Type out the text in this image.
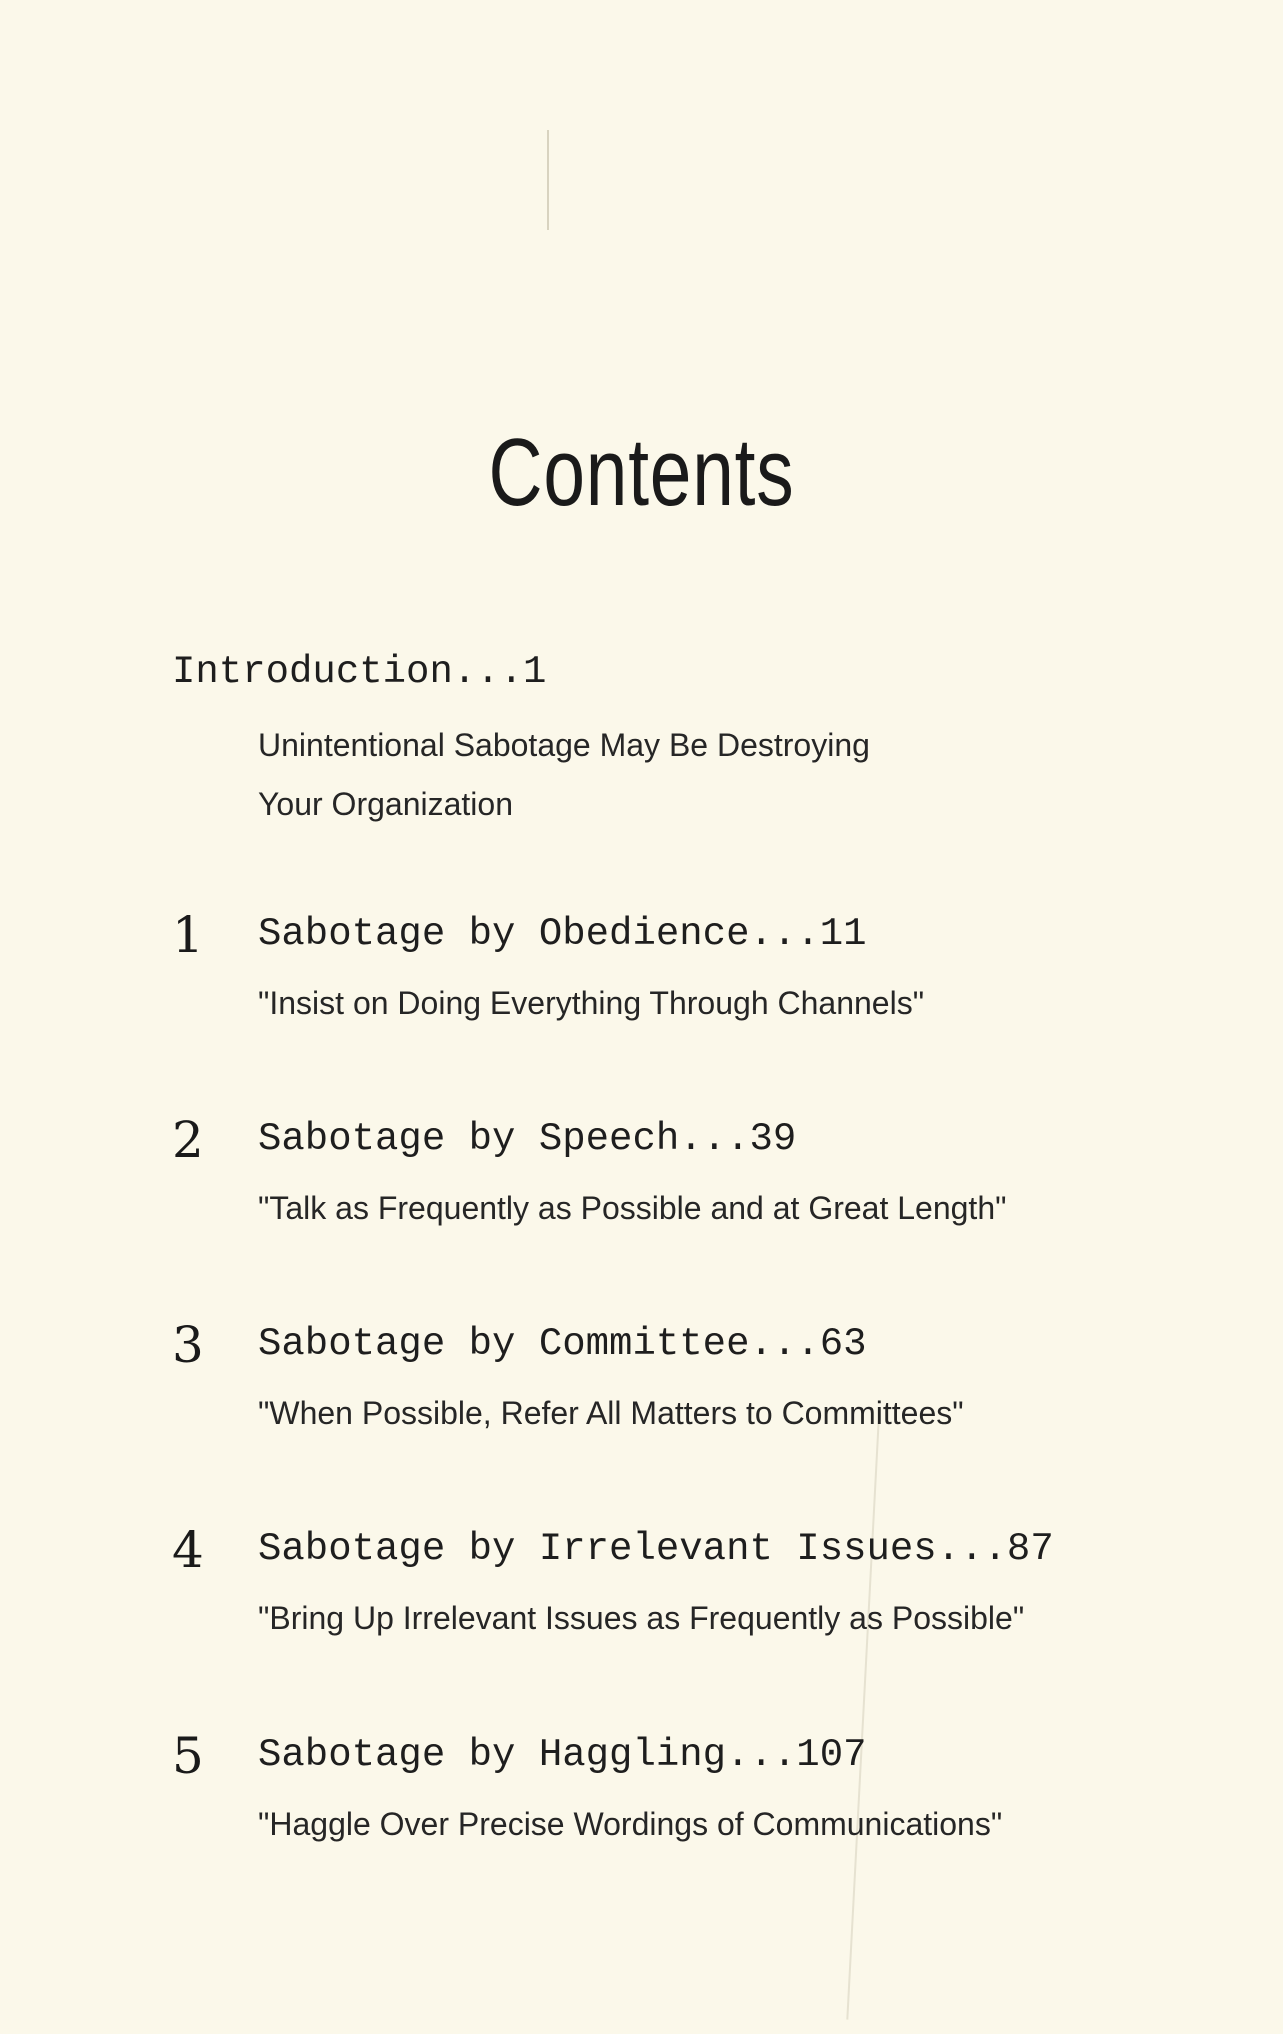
Contents
Introduction...1
Unintentional Sabotage May Be Destroying
Your Organization
1 Sabotage by Obedience...11
"Insist on Doing Everything Through Channels"
2 Sabotage by Speech...39
"Talk as Frequently as Possible and at Great Length"
3 Sabotage by Committee...63
"When Possible, Refer All Matters to Committees"
4 Sabotage by Irrelevant Issues...87
"Bring Up Irrelevant Issues as Frequently as Possible"
5 Sabotage by Haggling...107
"Haggle Over Precise Wordings of Communications"
